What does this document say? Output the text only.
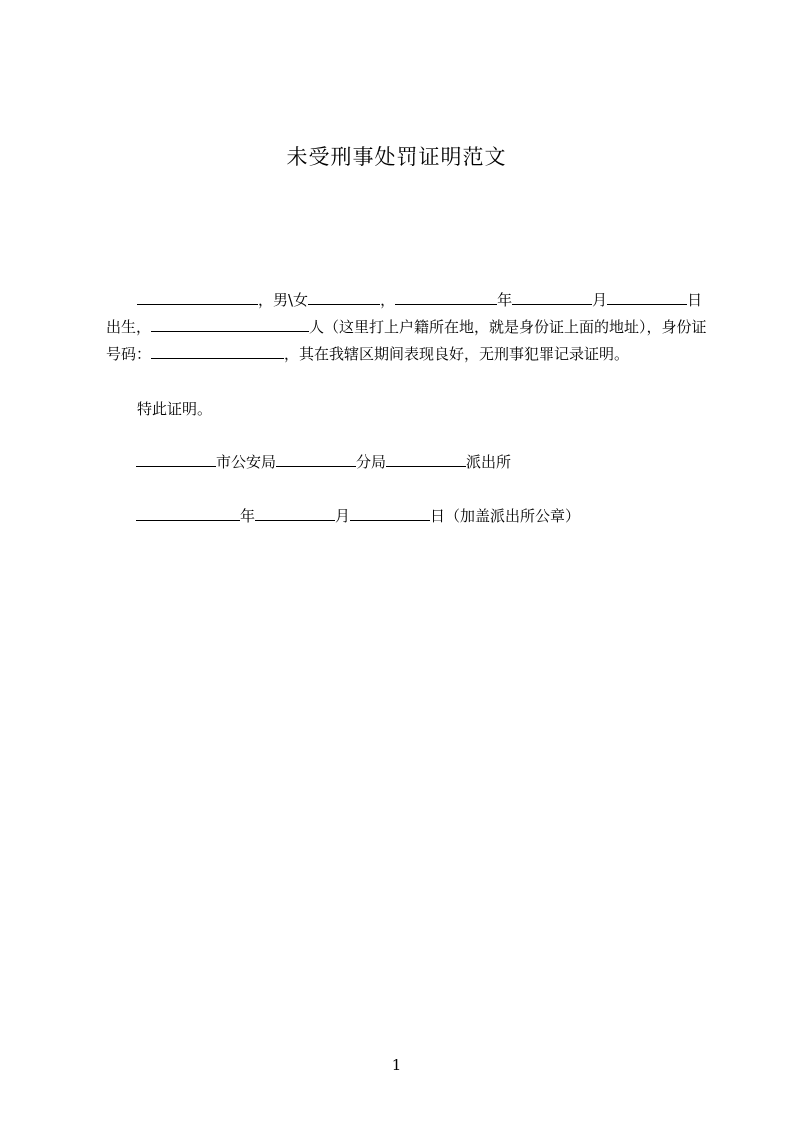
未受刑事处罚证明范文
，男\女	，	年	月	日
出生，	人（这里打上户籍所在地，就是身份证上面的地址），身份证
号码：	，其在我辖区期间表现良好，无刑事犯罪记录证明。
特此证明。
市公安局	分局	派出所
年	月	日（加盖派出所公章）
1
